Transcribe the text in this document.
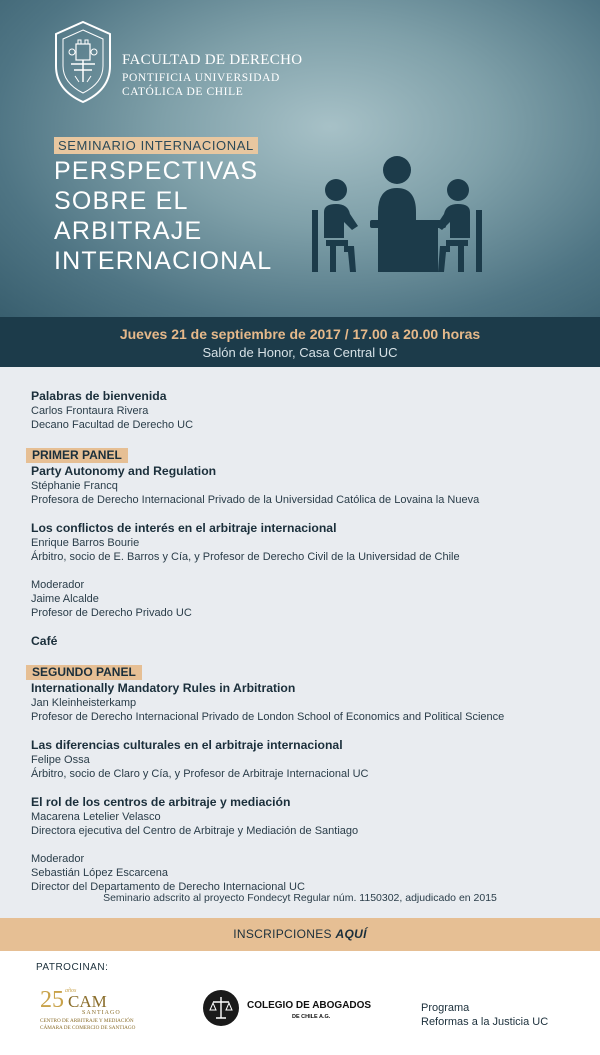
FACULTAD DE DERECHO
PONTIFICIA UNIVERSIDAD
CATÓLICA DE CHILE
SEMINARIO INTERNACIONAL
PERSPECTIVAS
SOBRE EL
ARBITRAJE
INTERNACIONAL
Jueves 21 de septiembre de 2017 / 17.00 a 20.00 horas
Salón de Honor, Casa Central UC
Palabras de bienvenida
Carlos Frontaura Rivera
Decano Facultad de Derecho UC
PRIMER PANEL
Party Autonomy and Regulation
Stéphanie Francq
Profesora de Derecho Internacional Privado de la Universidad Católica de Lovaina la Nueva
Los conflictos de interés en el arbitraje internacional
Enrique Barros Bourie
Árbitro, socio de E. Barros y Cía, y Profesor de Derecho Civil de la Universidad de Chile
Moderador
Jaime Alcalde
Profesor de Derecho Privado UC
Café
SEGUNDO PANEL
Internationally Mandatory Rules in Arbitration
Jan Kleinheisterkamp
Profesor de Derecho Internacional Privado de London School of Economics and Political Science
Las diferencias culturales en el arbitraje internacional
Felipe Ossa
Árbitro, socio de Claro y Cía, y Profesor de Arbitraje Internacional UC
El rol de los centros de arbitraje y mediación
Macarena Letelier Velasco
Directora ejecutiva del Centro de Arbitraje y Mediación de Santiago
Moderador
Sebastián López Escarcena
Director del Departamento de Derecho Internacional UC
Seminario adscrito al proyecto Fondecyt Regular núm. 1150302, adjudicado en 2015
INSCRIPCIONES AQUÍ
PATROCINAN:
25 años
CAM
SANTIAGO
CENTRO DE ARBITRAJE Y MEDIACIÓN
CÁMARA DE COMERCIO DE SANTIAGO
COLEGIO DE ABOGADOS
DE CHILE A.G.
Programa
Reformas a la Justicia UC
